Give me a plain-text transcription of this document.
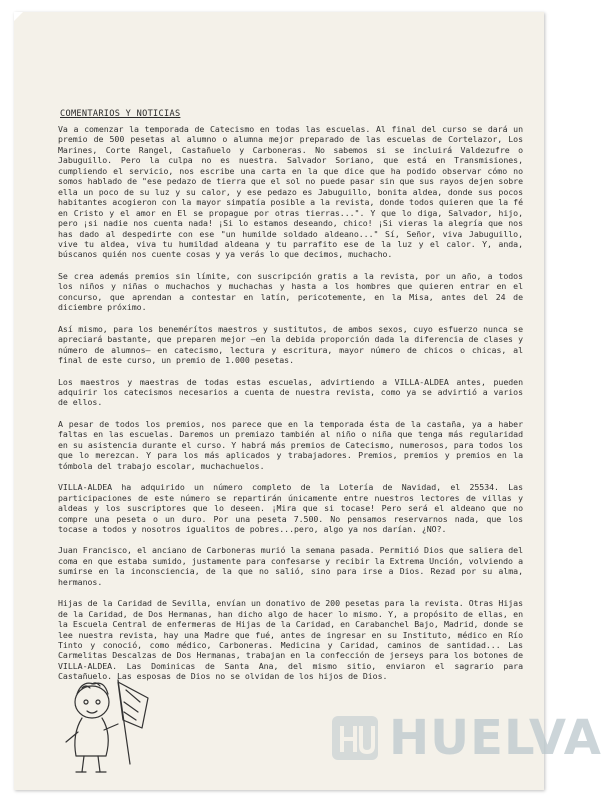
COMENTARIOS Y NOTICIAS

Va a comenzar la temporada de Catecismo en todas las escuelas. Al final del curso se dará un premio de 500 pesetas al alumno o alumna mejor preparado de las escuelas de Cortelazor, Los Marines, Corte Rangel, Castañuelo y Carboneras. No sabemos si se incluirá Valdezufre o Jabuguillo. Pero la culpa no es nuestra. Salvador Soriano, que está en Transmisiones, cumpliendo el servicio, nos escribe una carta en la que dice que ha podido observar cómo no somos hablado de "ese pedazo de tierra que el sol no puede pasar sin que sus rayos dejen sobre ella un poco de su luz y su calor, y ese pedazo es Jabuguillo, bonita aldea, donde sus pocos habitantes acogieron con la mayor simpatía posible a la revista, donde todos quieren que la fé en Cristo y el amor en El se propague por otras tierras...". Y que lo diga, Salvador, hijo, pero ¡si nadie nos cuenta nada! ¡Si lo estamos deseando, chico! ¡Si vieras la alegría que nos has dado al despedirte con ese "un humilde soldado aldeano..." Sí, Señor, viva Jabuguillo, vive tu aldea, viva tu humildad aldeana y tu parrafito ese de la luz y el calor. Y, anda, búscanos quién nos cuente cosas y ya verás lo que decimos, muchacho.

Se crea además premios sin límite, con suscripción gratis a la revista, por un año, a todos los niños y niñas o muchachos y muchachas y hasta a los hombres que quieren entrar en el concurso, que aprendan a contestar en latín, pericotemente, en la Misa, antes del 24 de diciembre próximo.

Así mismo, para los benemérítos maestros y sustitutos, de ambos sexos, cuyo esfuerzo nunca se apreciará bastante, que preparen mejor —en la debida proporción dada la diferencia de clases y número de alumnos— en catecismo, lectura y escritura, mayor número de chicos o chicas, al final de este curso, un premio de 1.000 pesetas.

Los maestros y maestras de todas estas escuelas, advirtiendo a VILLA-ALDEA antes, pueden adquirir los catecismos necesarios a cuenta de nuestra revista, como ya se advirtió a varios de ellos.

A pesar de todos los premios, nos parece que en la temporada ésta de la castaña, ya a haber faltas en las escuelas. Daremos un premiazo también al niño o niña que tenga más regularidad en su asistencia durante el curso. Y habrá más premios de Catecismo, numerosos, para todos los que lo merezcan. Y para los más aplicados y trabajadores. Premios, premios y premios en la tómbola del trabajo escolar, muchachuelos.

VILLA-ALDEA ha adquirido un número completo de la Lotería de Navidad, el 25534. Las participaciones de este número se repartirán únicamente entre nuestros lectores de villas y aldeas y los suscriptores que lo deseen. ¡Mira que si tocase! Pero será el aldeano que no compre una peseta o un duro. Por una peseta 7.500. No pensamos reservarnos nada, que los tocase a todos y nosotros igualitos de pobres...pero, algo ya nos darían. ¿NO?.

Juan Francisco, el anciano de Carboneras murió la semana pasada. Permitió Dios que saliera del coma en que estaba sumido, justamente para confesarse y recibir la Extrema Unción, volviendo a sumirse en la inconsciencia, de la que no salió, sino para irse a Dios. Rezad por su alma, hermanos.

Hijas de la Caridad de Sevilla, envían un donativo de 200 pesetas para la revista. Otras Hijas de la Caridad, de Dos Hermanas, han dicho algo de hacer lo mismo. Y, a propósito de ellas, en la Escuela Central de enfermeras de Hijas de la Caridad, en Carabanchel Bajo, Madrid, donde se lee nuestra revista, hay una Madre que fué, antes de ingresar en su Instituto, médico en Río Tinto y conoció, como médico, Carboneras. Medicina y Caridad, caminos de santidad... Las Carmelitas Descalzas de Dos Hermanas, trabajan en la confección de jerseys para los botones de VILLA-ALDEA. Las Dominicas de Santa Ana, del mismo sitio, enviaron el sagrario para Castañuelo. Las esposas de Dios no se olvidan de los hijos de Dios.

HUELVA
